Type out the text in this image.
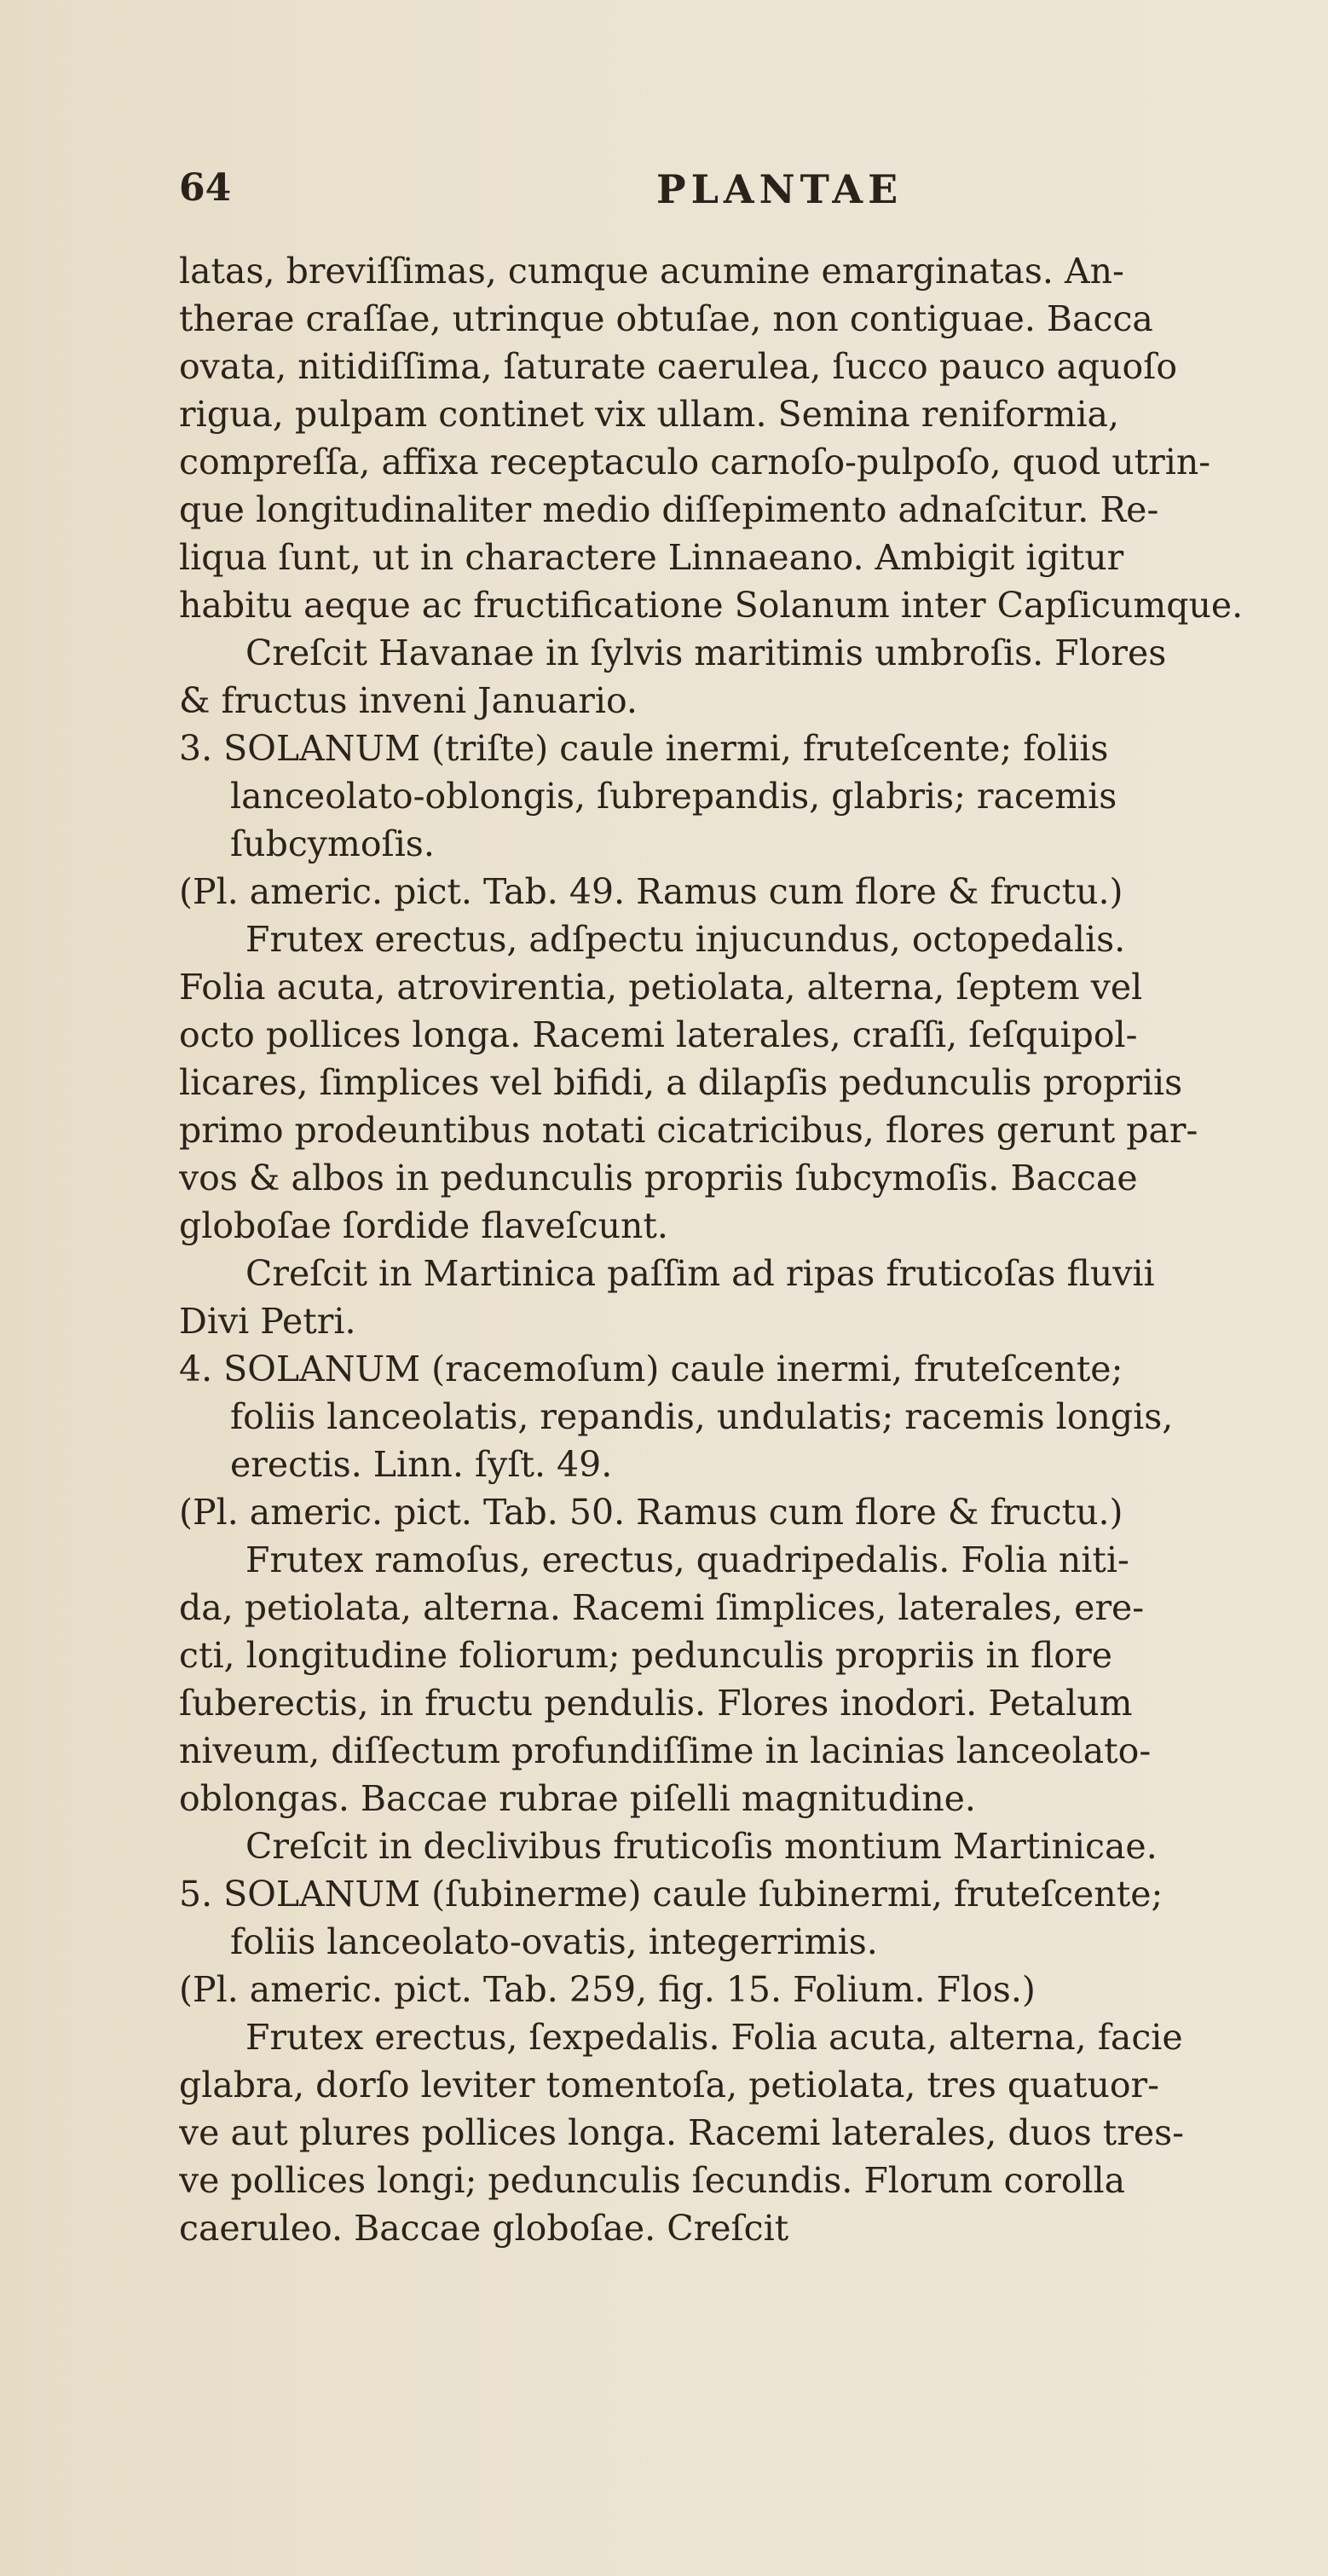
64	PLANTAE
latas, breviſſimas, cumque acumine emarginatas. An-
therae craſſae, utrinque obtuſae, non contiguae. Bacca
ovata, nitidiſſima, ſaturate caerulea, ſucco pauco aquoſo
rigua, pulpam continet vix ullam. Semina reniformia,
compreſſa, affixa receptaculo carnoſo-pulpoſo, quod utrin-
que longitudinaliter medio diſſepimento adnaſcitur. Re-
liqua ſunt, ut in charactere Linnaeano. Ambigit igitur
habitu aeque ac fructificatione Solanum inter Capſicumque.
Creſcit Havanae in ſylvis maritimis umbroſis. Flores
& fructus inveni Januario.
3. SOLANUM (triſte) caule inermi, fruteſcente; foliis
lanceolato-oblongis, ſubrepandis, glabris; racemis
ſubcymoſis.
(Pl. americ. pict. Tab. 49. Ramus cum flore & fructu.)
Frutex erectus, adſpectu injucundus, octopedalis.
Folia acuta, atrovirentia, petiolata, alterna, ſeptem vel
octo pollices longa. Racemi laterales, craſſi, ſeſquipol-
licares, ſimplices vel bifidi, a dilapſis pedunculis propriis
primo prodeuntibus notati cicatricibus, flores gerunt par-
vos & albos in pedunculis propriis ſubcymoſis. Baccae
globoſae ſordide flaveſcunt.
Creſcit in Martinica paſſim ad ripas fruticoſas fluvii
Divi Petri.
4. SOLANUM (racemoſum) caule inermi, fruteſcente;
foliis lanceolatis, repandis, undulatis; racemis longis,
erectis. Linn. ſyſt. 49.
(Pl. americ. pict. Tab. 50. Ramus cum flore & fructu.)
Frutex ramoſus, erectus, quadripedalis. Folia niti-
da, petiolata, alterna. Racemi ſimplices, laterales, ere-
cti, longitudine foliorum; pedunculis propriis in flore
ſuberectis, in fructu pendulis. Flores inodori. Petalum
niveum, diſſectum profundiſſime in lacinias lanceolato-
oblongas. Baccae rubrae piſelli magnitudine.
Creſcit in declivibus fruticoſis montium Martinicae.
5. SOLANUM (ſubinerme) caule ſubinermi, fruteſcente;
foliis lanceolato-ovatis, integerrimis.
(Pl. americ. pict. Tab. 259, fig. 15. Folium. Flos.)
Frutex erectus, ſexpedalis. Folia acuta, alterna, facie
glabra, dorſo leviter tomentoſa, petiolata, tres quatuor-
ve aut plures pollices longa. Racemi laterales, duos tres-
ve pollices longi; pedunculis ſecundis. Florum corolla
caeruleo. Baccae globoſae. Creſcit
